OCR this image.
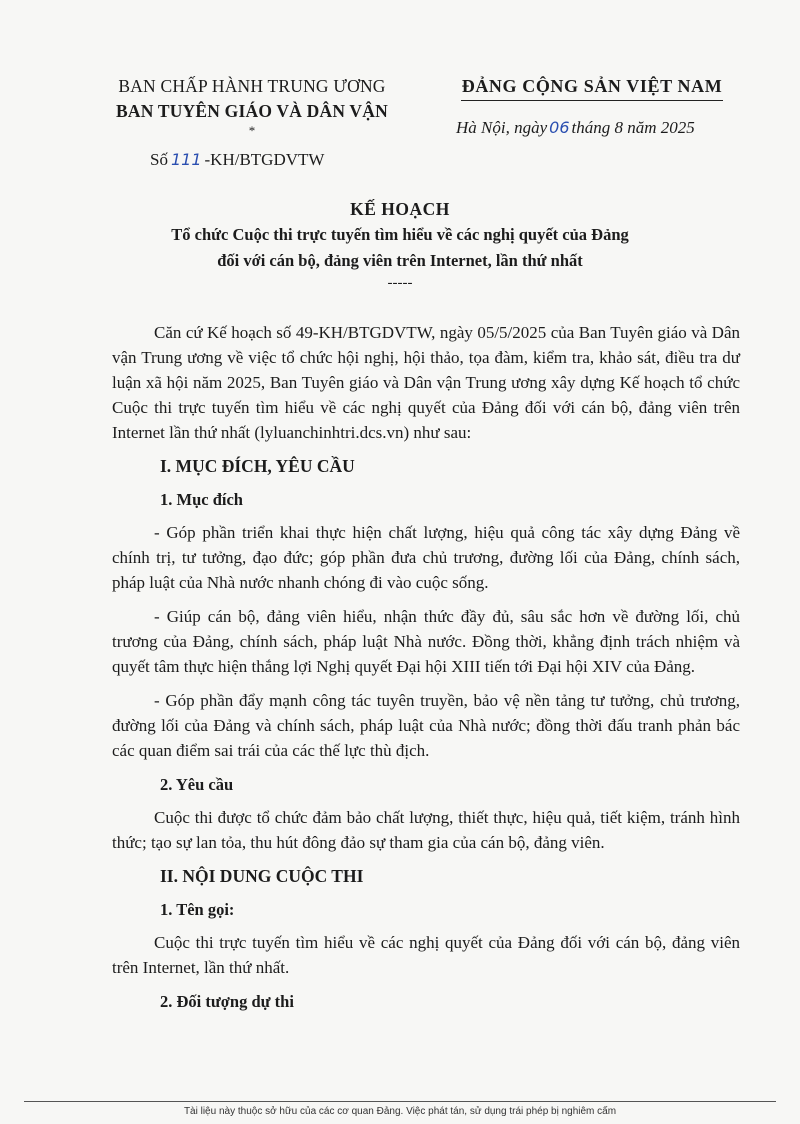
BAN CHẤP HÀNH TRUNG ƯƠNG
BAN TUYÊN GIÁO VÀ DÂN VẬN
*
Số 111 -KH/BTGDVTW
ĐẢNG CỘNG SẢN VIỆT NAM
Hà Nội, ngày 06 tháng 8 năm 2025
KẾ HOẠCH
Tổ chức Cuộc thi trực tuyến tìm hiểu về các nghị quyết của Đảng
đối với cán bộ, đảng viên trên Internet, lần thứ nhất
-----

Căn cứ Kế hoạch số 49-KH/BTGDVTW, ngày 05/5/2025 của Ban Tuyên giáo và Dân vận Trung ương về việc tổ chức hội nghị, hội thảo, tọa đàm, kiểm tra, khảo sát, điều tra dư luận xã hội năm 2025, Ban Tuyên giáo và Dân vận Trung ương xây dựng Kế hoạch tổ chức Cuộc thi trực tuyến tìm hiểu về các nghị quyết của Đảng đối với cán bộ, đảng viên trên Internet lần thứ nhất (lyluanchinhtri.dcs.vn) như sau:

I. MỤC ĐÍCH, YÊU CẦU
1. Mục đích

- Góp phần triển khai thực hiện chất lượng, hiệu quả công tác xây dựng Đảng về chính trị, tư tưởng, đạo đức; góp phần đưa chủ trương, đường lối của Đảng, chính sách, pháp luật của Nhà nước nhanh chóng đi vào cuộc sống.

- Giúp cán bộ, đảng viên hiểu, nhận thức đầy đủ, sâu sắc hơn về đường lối, chủ trương của Đảng, chính sách, pháp luật Nhà nước. Đồng thời, khẳng định trách nhiệm và quyết tâm thực hiện thắng lợi Nghị quyết Đại hội XIII tiến tới Đại hội XIV của Đảng.

- Góp phần đẩy mạnh công tác tuyên truyền, bảo vệ nền tảng tư tưởng, chủ trương, đường lối của Đảng và chính sách, pháp luật của Nhà nước; đồng thời đấu tranh phản bác các quan điểm sai trái của các thế lực thù địch.

2. Yêu cầu

Cuộc thi được tổ chức đảm bảo chất lượng, thiết thực, hiệu quả, tiết kiệm, tránh hình thức; tạo sự lan tỏa, thu hút đông đảo sự tham gia của cán bộ, đảng viên.

II. NỘI DUNG CUỘC THI
1. Tên gọi:

Cuộc thi trực tuyến tìm hiểu về các nghị quyết của Đảng đối với cán bộ, đảng viên trên Internet, lần thứ nhất.

2. Đối tượng dự thi
Tài liệu này thuộc sở hữu của các cơ quan Đảng. Việc phát tán, sử dụng trái phép bị nghiêm cấm
